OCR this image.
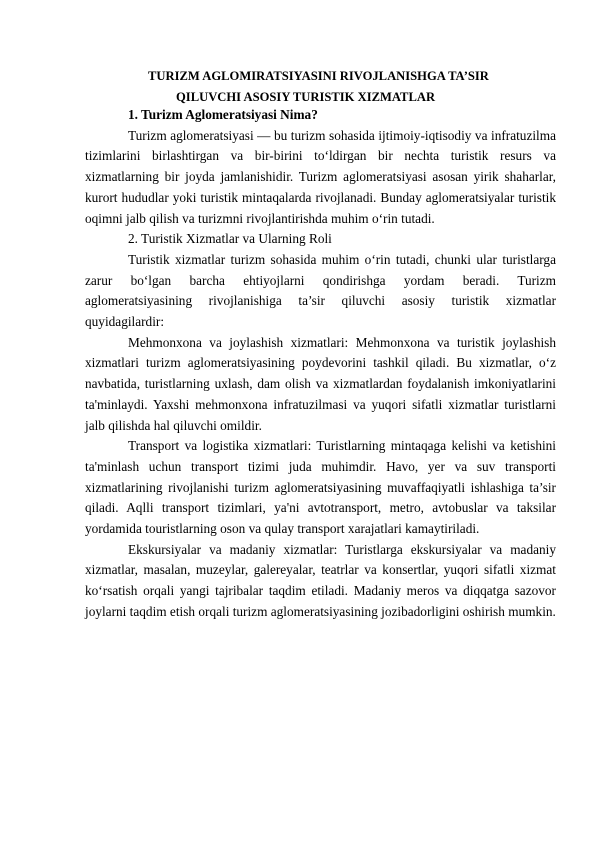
TURIZM AGLOMIRATSIYASINI RIVOJLANISHGA TA’SIR

QILUVCHI ASOSIY TURISTIK XIZMATLAR

1. Turizm Aglomeratsiyasi Nima?

Turizm aglomeratsiyasi — bu turizm sohasida ijtimoiy-iqtisodiy va infratuzilma tizimlarini birlashtirgan va bir-birini to‘ldirgan bir nechta turistik resurs va xizmatlarning bir joyda jamlanishidir. Turizm aglomeratsiyasi asosan yirik shaharlar, kurort hududlar yoki turistik mintaqalarda rivojlanadi. Bunday aglomeratsiyalar turistik oqimni jalb qilish va turizmni rivojlantirishda muhim o‘rin tutadi.

2. Turistik Xizmatlar va Ularning Roli

Turistik xizmatlar turizm sohasida muhim o‘rin tutadi, chunki ular turistlarga zarur bo‘lgan barcha ehtiyojlarni qondirishga yordam beradi. Turizm aglomeratsiyasining rivojlanishiga ta’sir qiluvchi asosiy turistik xizmatlar quyidagilardir:

Mehmonxona va joylashish xizmatlari: Mehmonxona va turistik joylashish xizmatlari turizm aglomeratsiyasining poydevorini tashkil qiladi. Bu xizmatlar, o‘z navbatida, turistlarning uxlash, dam olish va xizmatlardan foydalanish imkoniyatlarini ta'minlaydi. Yaxshi mehmonxona infratuzilmasi va yuqori sifatli xizmatlar turistlarni jalb qilishda hal qiluvchi omildir.

Transport va logistika xizmatlari: Turistlarning mintaqaga kelishi va ketishini ta'minlash uchun transport tizimi juda muhimdir. Havo, yer va suv transporti xizmatlarining rivojlanishi turizm aglomeratsiyasining muvaffaqiyatli ishlashiga ta’sir qiladi. Aqlli transport tizimlari, ya'ni avtotransport, metro, avtobuslar va taksilar yordamida touristlarning oson va qulay transport xarajatlari kamaytiriladi.

Ekskursiyalar va madaniy xizmatlar: Turistlarga ekskursiyalar va madaniy xizmatlar, masalan, muzeylar, galereyalar, teatrlar va konsertlar, yuqori sifatli xizmat ko‘rsatish orqali yangi tajribalar taqdim etiladi. Madaniy meros va diqqatga sazovor joylarni taqdim etish orqali turizm aglomeratsiyasining jozibadorligini oshirish mumkin.
